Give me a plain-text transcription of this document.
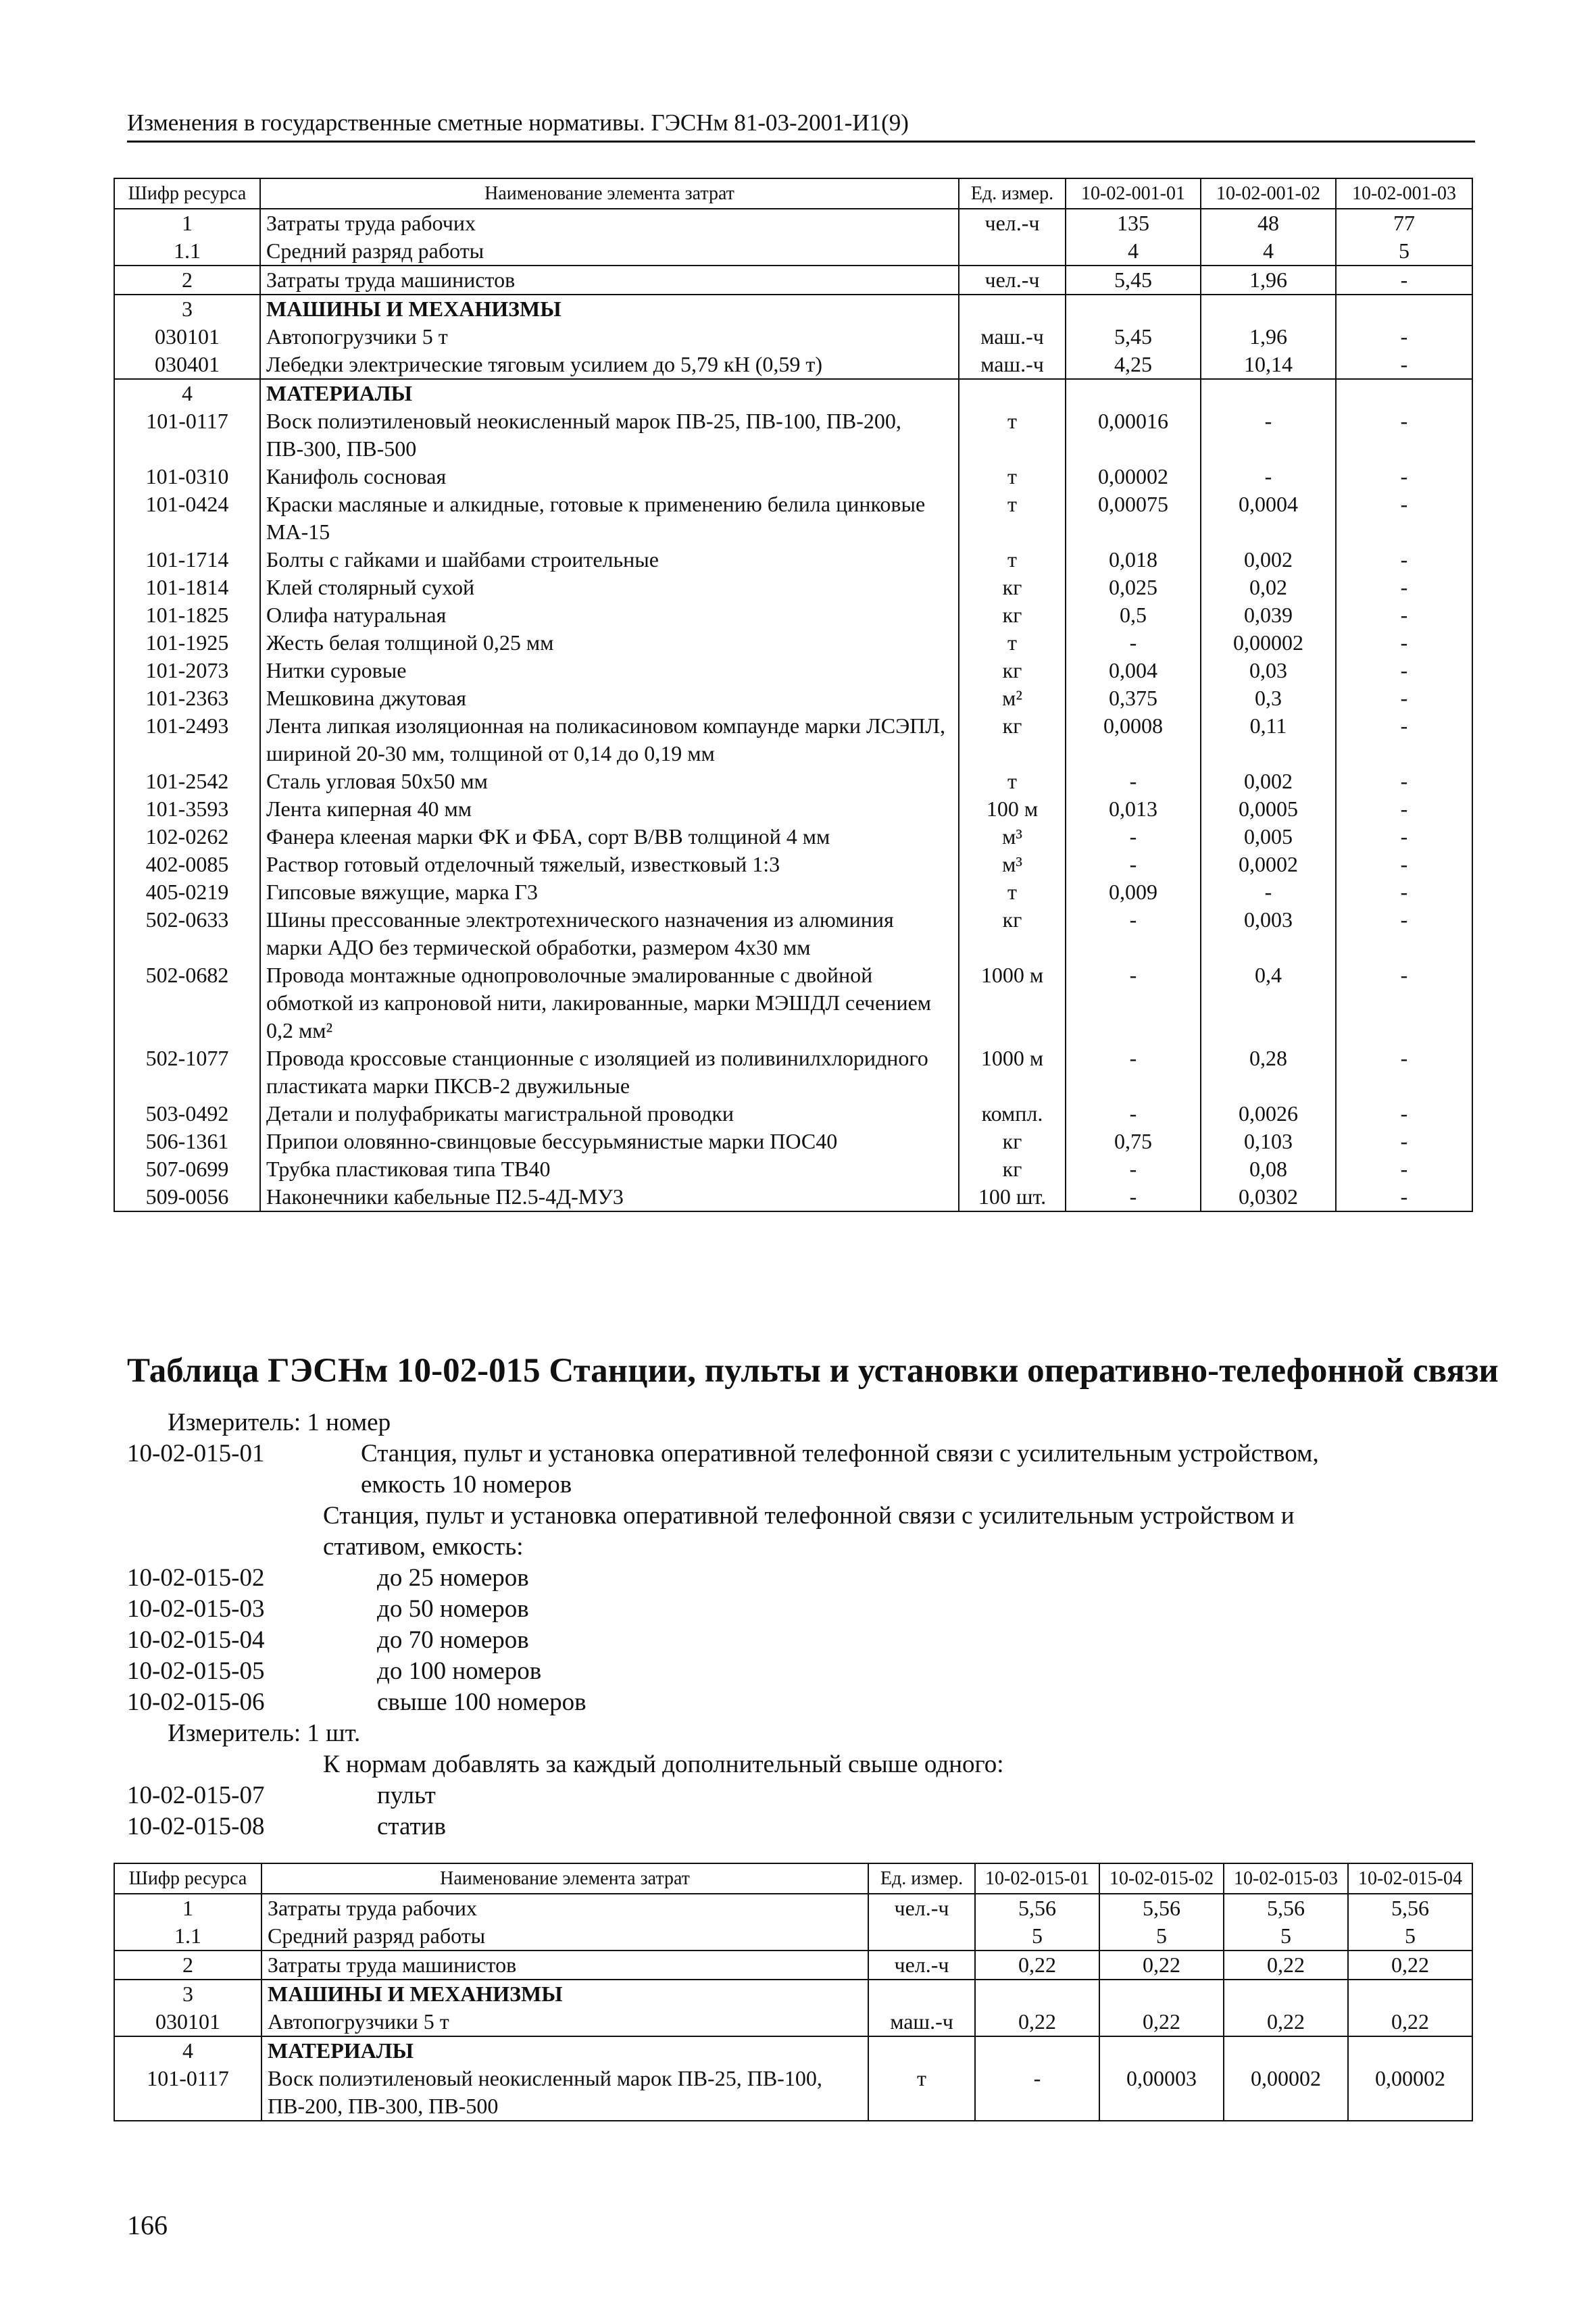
Изменения в государственные сметные нормативы. ГЭСНм 81-03-2001-И1(9)
Шифр ресурса	Наименование элемента затрат	Ед. измер.	10-02-001-01	10-02-001-02	10-02-001-03
1	Затраты труда рабочих	чел.-ч	135	48	77
1.1	Средний разряд работы		4	4	5
2	Затраты труда машинистов	чел.-ч	5,45	1,96	-
3	МАШИНЫ И МЕХАНИЗМЫ				
030101	Автопогрузчики 5 т	маш.-ч	5,45	1,96	-
030401	Лебедки электрические тяговым усилием до 5,79 кН (0,59 т)	маш.-ч	4,25	10,14	-
4	МАТЕРИАЛЫ				
101-0117	Воск полиэтиленовый неокисленный марок ПВ-25, ПВ-100, ПВ-200, ПВ-300, ПВ-500	т	0,00016	-	-
101-0310	Канифоль сосновая	т	0,00002	-	-
101-0424	Краски масляные и алкидные, готовые к применению белила цинковые МА-15	т	0,00075	0,0004	-
101-1714	Болты с гайками и шайбами строительные	т	0,018	0,002	-
101-1814	Клей столярный сухой	кг	0,025	0,02	-
101-1825	Олифа натуральная	кг	0,5	0,039	-
101-1925	Жесть белая толщиной 0,25 мм	т	-	0,00002	-
101-2073	Нитки суровые	кг	0,004	0,03	-
101-2363	Мешковина джутовая	м²	0,375	0,3	-
101-2493	Лента липкая изоляционная на поликасиновом компаунде марки ЛСЭПЛ, шириной 20-30 мм, толщиной от 0,14 до 0,19 мм	кг	0,0008	0,11	-
101-2542	Сталь угловая 50х50 мм	т	-	0,002	-
101-3593	Лента киперная 40 мм	100 м	0,013	0,0005	-
102-0262	Фанера клееная марки ФК и ФБА, сорт В/ВВ толщиной 4 мм	м³	-	0,005	-
402-0085	Раствор готовый отделочный тяжелый, известковый 1:3	м³	-	0,0002	-
405-0219	Гипсовые вяжущие, марка Г3	т	0,009	-	-
502-0633	Шины прессованные электротехнического назначения из алюминия марки АДО без термической обработки, размером 4х30 мм	кг	-	0,003	-
502-0682	Провода монтажные однопроволочные эмалированные с двойной обмоткой из капроновой нити, лакированные, марки МЭШДЛ сечением 0,2 мм²	1000 м	-	0,4	-
502-1077	Провода кроссовые станционные с изоляцией из поливинилхлоридного пластиката марки ПКСВ-2 двужильные	1000 м	-	0,28	-
503-0492	Детали и полуфабрикаты магистральной проводки	компл.	-	0,0026	-
506-1361	Припои оловянно-свинцовые бессурьмянистые марки ПОС40	кг	0,75	0,103	-
507-0699	Трубка пластиковая типа ТВ40	кг	-	0,08	-
509-0056	Наконечники кабельные П2.5-4Д-МУ3	100 шт.	-	0,0302	-
Таблица ГЭСНм 10-02-015 Станции, пульты и установки оперативно-телефонной связи
Измеритель: 1 номер
10-02-015-01	Станция, пульт и установка оперативной телефонной связи с усилительным устройством,
емкость 10 номеров
Станция, пульт и установка оперативной телефонной связи с усилительным устройством и
стативом, емкость:
10-02-015-02	до 25 номеров
10-02-015-03	до 50 номеров
10-02-015-04	до 70 номеров
10-02-015-05	до 100 номеров
10-02-015-06	свыше 100 номеров
Измеритель: 1 шт.
К нормам добавлять за каждый дополнительный свыше одного:
10-02-015-07	пульт
10-02-015-08	статив
Шифр ресурса	Наименование элемента затрат	Ед. измер.	10-02-015-01	10-02-015-02	10-02-015-03	10-02-015-04
1	Затраты труда рабочих	чел.-ч	5,56	5,56	5,56	5,56
1.1	Средний разряд работы		5	5	5	5
2	Затраты труда машинистов	чел.-ч	0,22	0,22	0,22	0,22
3	МАШИНЫ И МЕХАНИЗМЫ					
030101	Автопогрузчики 5 т	маш.-ч	0,22	0,22	0,22	0,22
4	МАТЕРИАЛЫ					
101-0117	Воск полиэтиленовый неокисленный марок ПВ-25, ПВ-100, ПВ-200, ПВ-300, ПВ-500	т	-	0,00003	0,00002	0,00002
166
